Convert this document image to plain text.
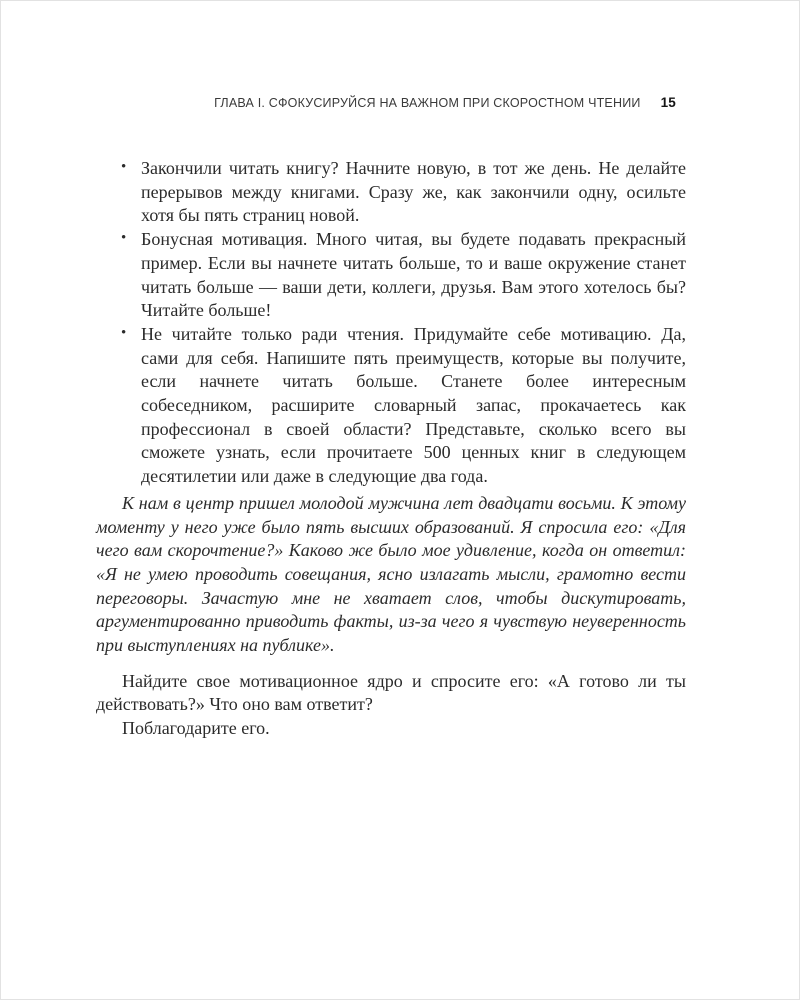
ГЛАВА I. СФОКУСИРУЙСЯ НА ВАЖНОМ ПРИ СКОРОСТНОМ ЧТЕНИИ 15
• Закончили читать книгу? Начните новую, в тот же день. Не делайте перерывов между книгами. Сразу же, как закончили одну, осильте хотя бы пять страниц новой.
• Бонусная мотивация. Много читая, вы будете подавать прекрасный пример. Если вы начнете читать больше, то и ваше окружение станет читать больше — ваши дети, коллеги, друзья. Вам этого хотелось бы? Читайте больше!
• Не читайте только ради чтения. Придумайте себе мотивацию. Да, сами для себя. Напишите пять преимуществ, которые вы получите, если начнете читать больше. Станете более интересным собеседником, расширите словарный запас, прокачаетесь как профессионал в своей области? Представьте, сколько всего вы сможете узнать, если прочитаете 500 ценных книг в следующем десятилетии или даже в следующие два года.

К нам в центр пришел молодой мужчина лет двадцати восьми. К этому моменту у него уже было пять высших образований. Я спросила его: «Для чего вам скорочтение?» Каково же было мое удивление, когда он ответил: «Я не умею проводить совещания, ясно излагать мысли, грамотно вести переговоры. Зачастую мне не хватает слов, чтобы дискутировать, аргументированно приводить факты, из-за чего я чувствую неуверенность при выступлениях на публике».

Найдите свое мотивационное ядро и спросите его: «А готово ли ты действовать?» Что оно вам ответит?

Поблагодарите его.
